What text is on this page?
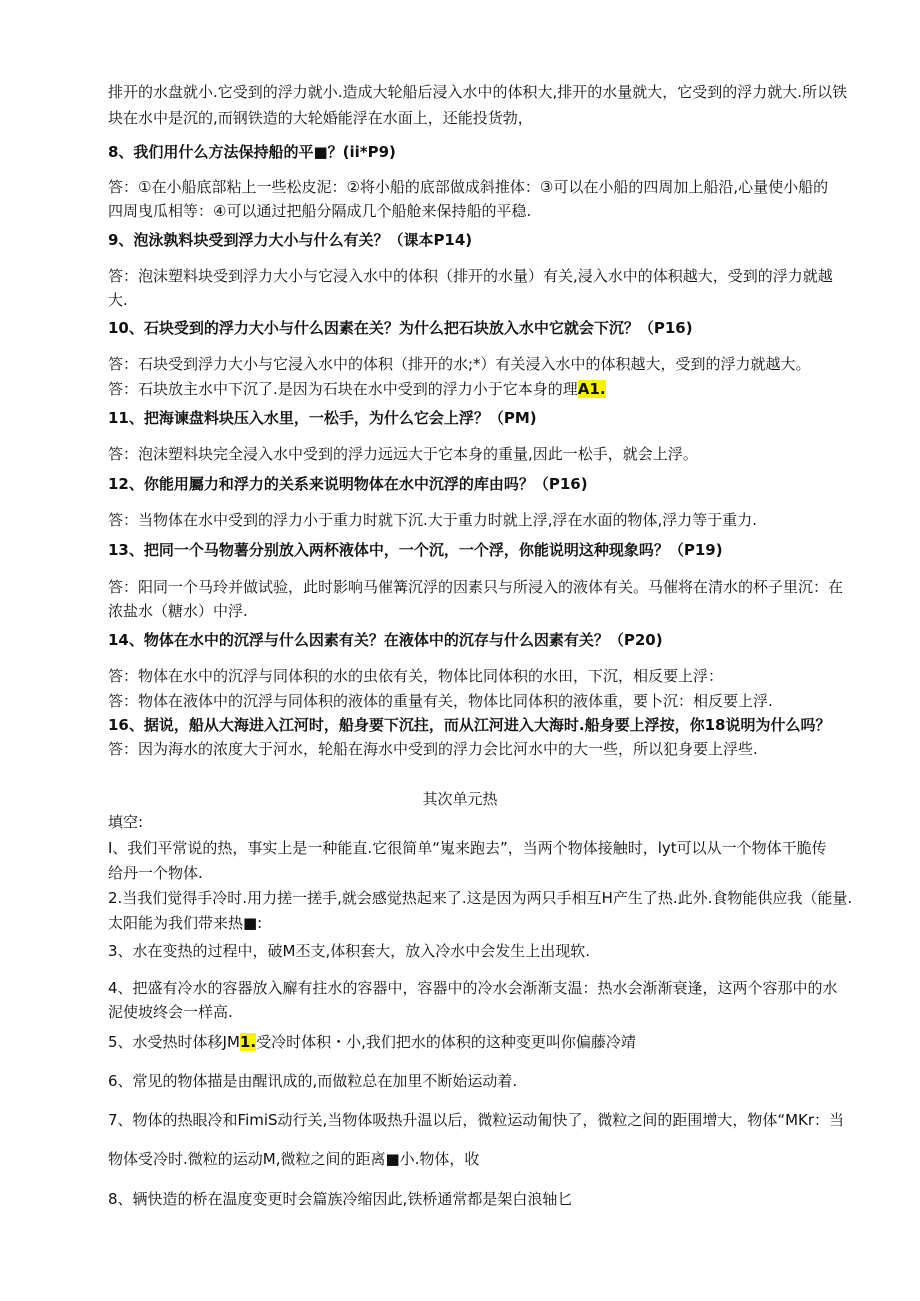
排开的水盘就小.它受到的浮力就小.造成大轮船后浸入水中的体积大,排开的水量就大，它受到的浮力就大.所以铁
块在水中是沉的,而钢铁造的大轮婚能浮在水面上，还能投货勃，
8、我们用什么方法保持船的平■？(ii*P9)
答：①在小船底部粘上一些松皮泥：②将小船的底部做成斜推体：③可以在小船的四周加上船沿,心量使小船的
四周曳瓜相等：④可以通过把船分隔成几个船舱来保持船的平稳.
9、泡泳孰料块受到浮力大小与什么有关？（课本P14)
答：泡沫塑料块受到浮力大小与它浸入水中的体积（排开的水量）有关,浸入水中的体积越大，受到的浮力就越
大.
10、石块受到的浮力大小与什么因素在关？为什么把石块放入水中它就会下沉？（P16)
答：石块受到浮力大小与它浸入水中的体积（排开的水;*）有关浸入水中的体积越大，受到的浮力就越大。
答：石块放主水中下沉了.是因为石块在水中受到的浮力小于它本身的理A1.
11、把海谏盘料块压入水里，一松手，为什么它会上浮？（PM)
答：泡沫塑料块完全浸入水中受到的浮力远远大于它本身的重量,因此一松手，就会上浮。
12、你能用屬力和浮力的关系来说明物体在水中沉浮的库由吗？（P16)
答：当物体在水中受到的浮力小于重力时就下沉.大于重力时就上浮,浮在水面的物体,浮力等于重力.
13、把同一个马物薯分别放入两杯液体中，一个沉，一个浮，你能说明这种现象吗？（P19)
答：阳同一个马玲并做试验，此时影响马催篝沉浮的因素只与所浸入的液体有关。马催将在清水的杯子里沉：在
浓盐水（糖水）中浮.
14、物体在水中的沉浮与什么因素有关？在液体中的沉存与什么因素有关？（P20)
答：物体在水中的沉浮与同体积的水的虫依有关，物体比同体积的水田，下沉，相反要上浮：
答：物体在液体中的沉浮与同体积的液体的重量有关，物体比同体积的液体重，要卜沉：相反要上浮.
16、据说，船从大海进入江河时，船身要下沉拄，而从江河进入大海时.船身要上浮按，你18说明为什么吗？
答：因为海水的浓度大于河水，轮船在海水中受到的浮力会比河水中的大一些，所以犯身要上浮些.
其次单元热
填空:
I、我们平常说的热，事实上是一种能直.它很简单“嵬来跑去”，当两个物体接触时，lyt可以从一个物体干脆传
给丹一个物体.
2.当我们觉得手冷时.用力搓一搓手,就会感觉热起来了.这是因为两只手相互H产生了热.此外.食物能供应我（能量.
太阳能为我们带来热■:
3、水在变热的过程中，破M丕支,体积套大，放入冷水中会发生上出现软.
4、把盛有冷水的容器放入廨有拄水的容器中，容器中的冷水会渐渐支温：热水会渐渐衰逢，这两个容那中的水
泥使坡终会一样高.
5、水受热时体移JM1.受冷时体积・小,我们把水的体积的这种变更叫你偏藤冷靖
6、常见的物体描是由醒讯成的,而做粒总在加里不断始运动着.
7、物体的热眼冷和FimiS动行关,当物体吸热升温以后，微粒运动匍快了，微粒之间的距围增大，物体“MKr：当
物体受冷时.微粒的运动M,微粒之间的距离■小.物体，收
8、辆快造的桥在温度变更时会篇族冷缩因此,铁桥通常都是架白浪轴匕
